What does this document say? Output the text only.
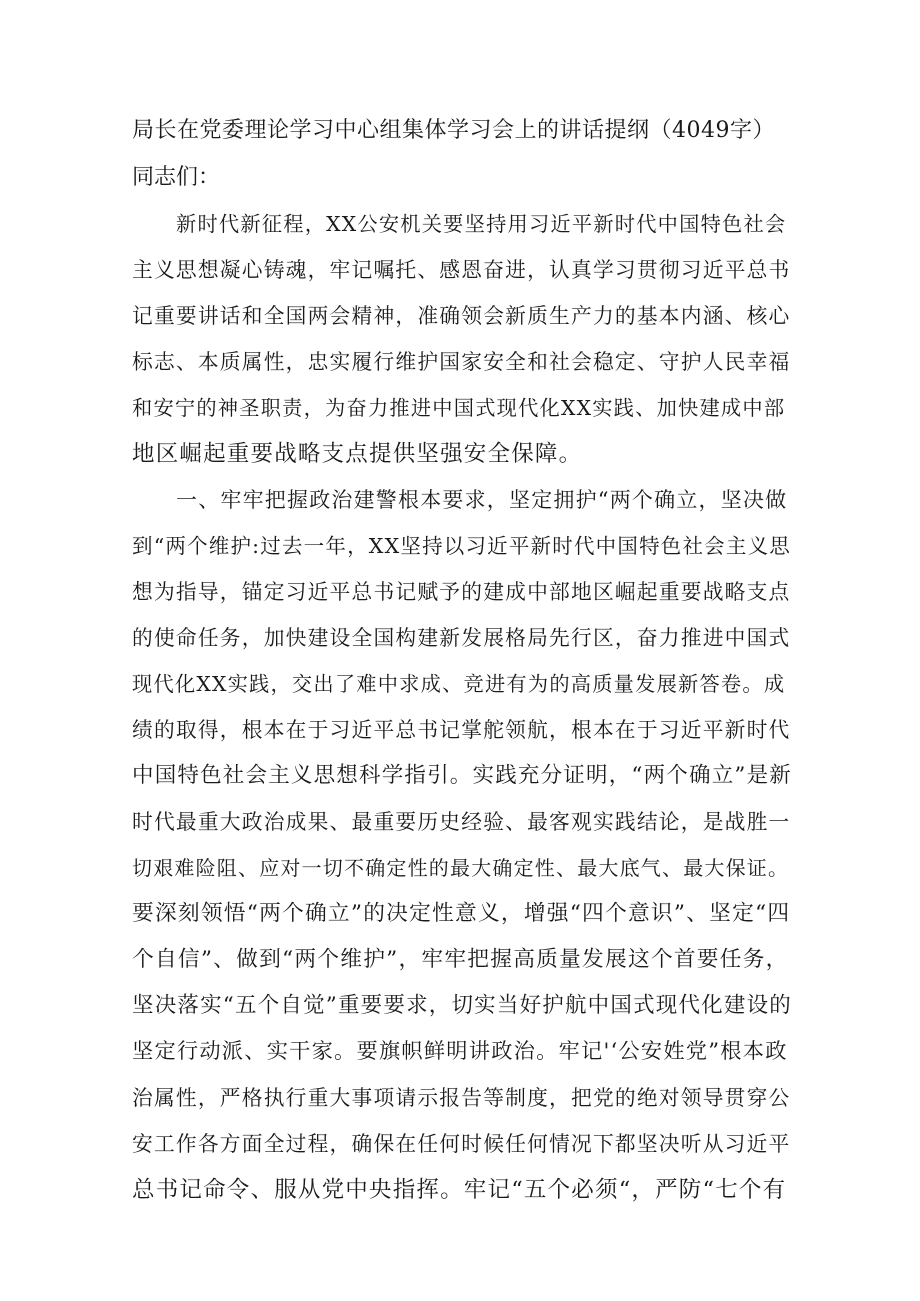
局长在党委理论学习中心组集体学习会上的讲话提纲（4049字）
同志们：
新时代新征程，XX公安机关要坚持用习近平新时代中国特色社会
主义思想凝心铸魂，牢记嘱托、感恩奋进，认真学习贯彻习近平总书
记重要讲话和全国两会精神，准确领会新质生产力的基本内涵、核心
标志、本质属性，忠实履行维护国家安全和社会稳定、守护人民幸福
和安宁的神圣职责，为奋力推进中国式现代化XX实践、加快建成中部
地区崛起重要战略支点提供坚强安全保障。
一、牢牢把握政治建警根本要求，坚定拥护“两个确立，坚决做
到“两个维护:过去一年，XX坚持以习近平新时代中国特色社会主义思
想为指导，锚定习近平总书记赋予的建成中部地区崛起重要战略支点
的使命任务，加快建设全国构建新发展格局先行区，奋力推进中国式
现代化XX实践，交出了难中求成、竞进有为的高质量发展新答卷。成
绩的取得，根本在于习近平总书记掌舵领航，根本在于习近平新时代
中国特色社会主义思想科学指引。实践充分证明，“两个确立”是新
时代最重大政治成果、最重要历史经验、最客观实践结论，是战胜一
切艰难险阻、应对一切不确定性的最大确定性、最大底气、最大保证。
要深刻领悟“两个确立”的决定性意义，增强“四个意识”、坚定“四
个自信”、做到“两个维护”，牢牢把握高质量发展这个首要任务，
坚决落实“五个自觉”重要要求，切实当好护航中国式现代化建设的
坚定行动派、实干家。要旗帜鲜明讲政治。牢记'‘公安姓党”根本政
治属性，严格执行重大事项请示报告等制度，把党的绝对领导贯穿公
安工作各方面全过程，确保在任何时候任何情况下都坚决听从习近平
总书记命令、服从党中央指挥。牢记“五个必须“，严防“七个有
